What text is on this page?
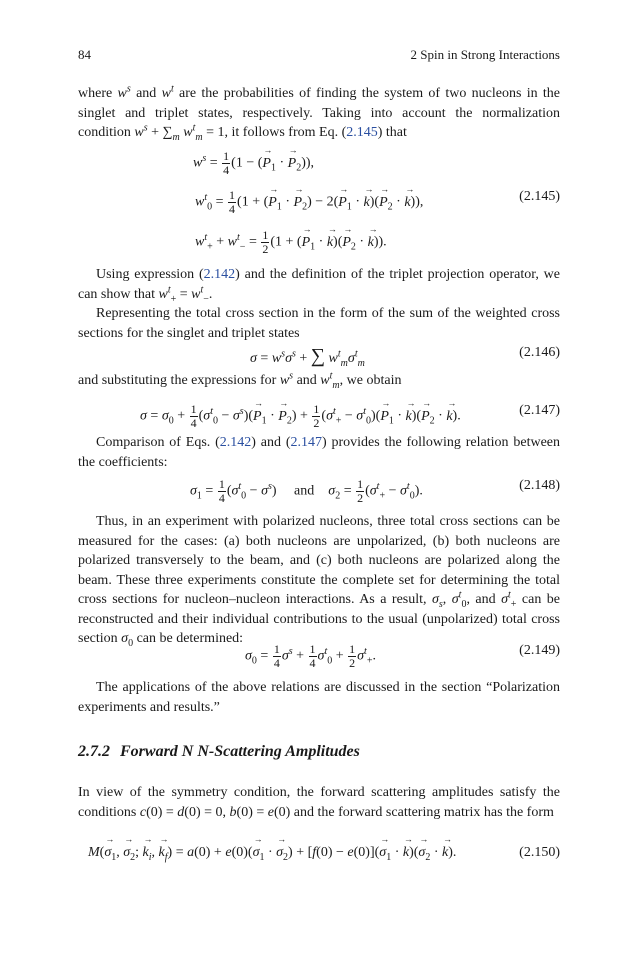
84	2 Spin in Strong Interactions
where $w^s$ and $w^t$ are the probabilities of finding the system of two nucleons in the singlet and triplet states, respectively. Taking into account the normalization condition $w^s + \sum_m$ $w^t_m = 1$, it follows from Eq. (2.145) that
$w^s = \frac{1}{4} (1$ − (→ $P_1$ · → $P_2$)),
$w^t_0 = \frac{1}{4} (1$ + (→ $P_1$ · → $P_2) - 2(\to P_1$ · → $k)(\to P_2$ · → k)),	(2.145)
$w^t_+ + w^t_- = \frac{1}{2} (1$ + (→ $P_1$ · → $k)(\to P_2$ · → k)).
Using expression (2.142) and the definition of the triplet projection operator, we can show that $w^t_+ = w^t_-$.
Representing the total cross section in the form of the sum of the weighted cross sections for the singlet and triplet states
$\sigma = w^s\sigma^s$ + ∑ $w^t_m\sigma^t_m$
(2.146)
and substituting the expressions for $w^s$ and $w^t_m$, we obtain
$\sigma = \sigma_0 + \frac{1}{4} (\sigma^t_0 - \sigma^s)(\to P_1$ · → $P_2) + \frac{1}{2} (\sigma^t_+ - \sigma^t_0)(\to P_1$ · → $k)(\to P_2$ · → k).	(2.147)
Comparison of Eqs. (2.142) and (2.147) provides the following relation between the coefficients:
$\sigma_1 = \frac{1}{4} (\sigma^t_0 - \sigma^s)$     and    $\sigma_2 = \frac{1}{2} (\sigma^t_+ - \sigma^t_0)$.	(2.148)
Thus, in an experiment with polarized nucleons, three total cross sections can be measured for the cases: (a) both nucleons are unpolarized, (b) both nucleons are polarized transversely to the beam, and (c) both nucleons are polarized along the beam. These three experiments constitute the complete set for determining the total cross sections for nucleon–nucleon interactions. As a result, $\sigma_s$, $\sigma^t_0$, and $\sigma^t_+$ can be reconstructed and their individual contributions to the usual (unpolarized) total cross section $\sigma_0$ can be determined:
$\sigma_0 = \frac{1}{4} \sigma^s + \frac{1}{4} \sigma^t_0 + \frac{1}{2} \sigma^t_+$.	(2.149)
The applications of the above relations are discussed in the section “Polarization experiments and results.”
2.7.2 Forward N N-Scattering Amplitudes
In view of the symmetry condition, the forward scattering amplitudes satisfy the conditions c(0) = d(0) = 0, b(0) = e(0) and the forward scattering matrix has the form
$M(\to \sigma_1$, → $\sigma_2$; → $k_i$, → $k_f) = a(0) + e(0)(\to \sigma_1$ · → $\sigma_2) + [f(0) - e(0)](\to \sigma_1$ · → $k)(\to \sigma_2$ · → k).	(2.150)
